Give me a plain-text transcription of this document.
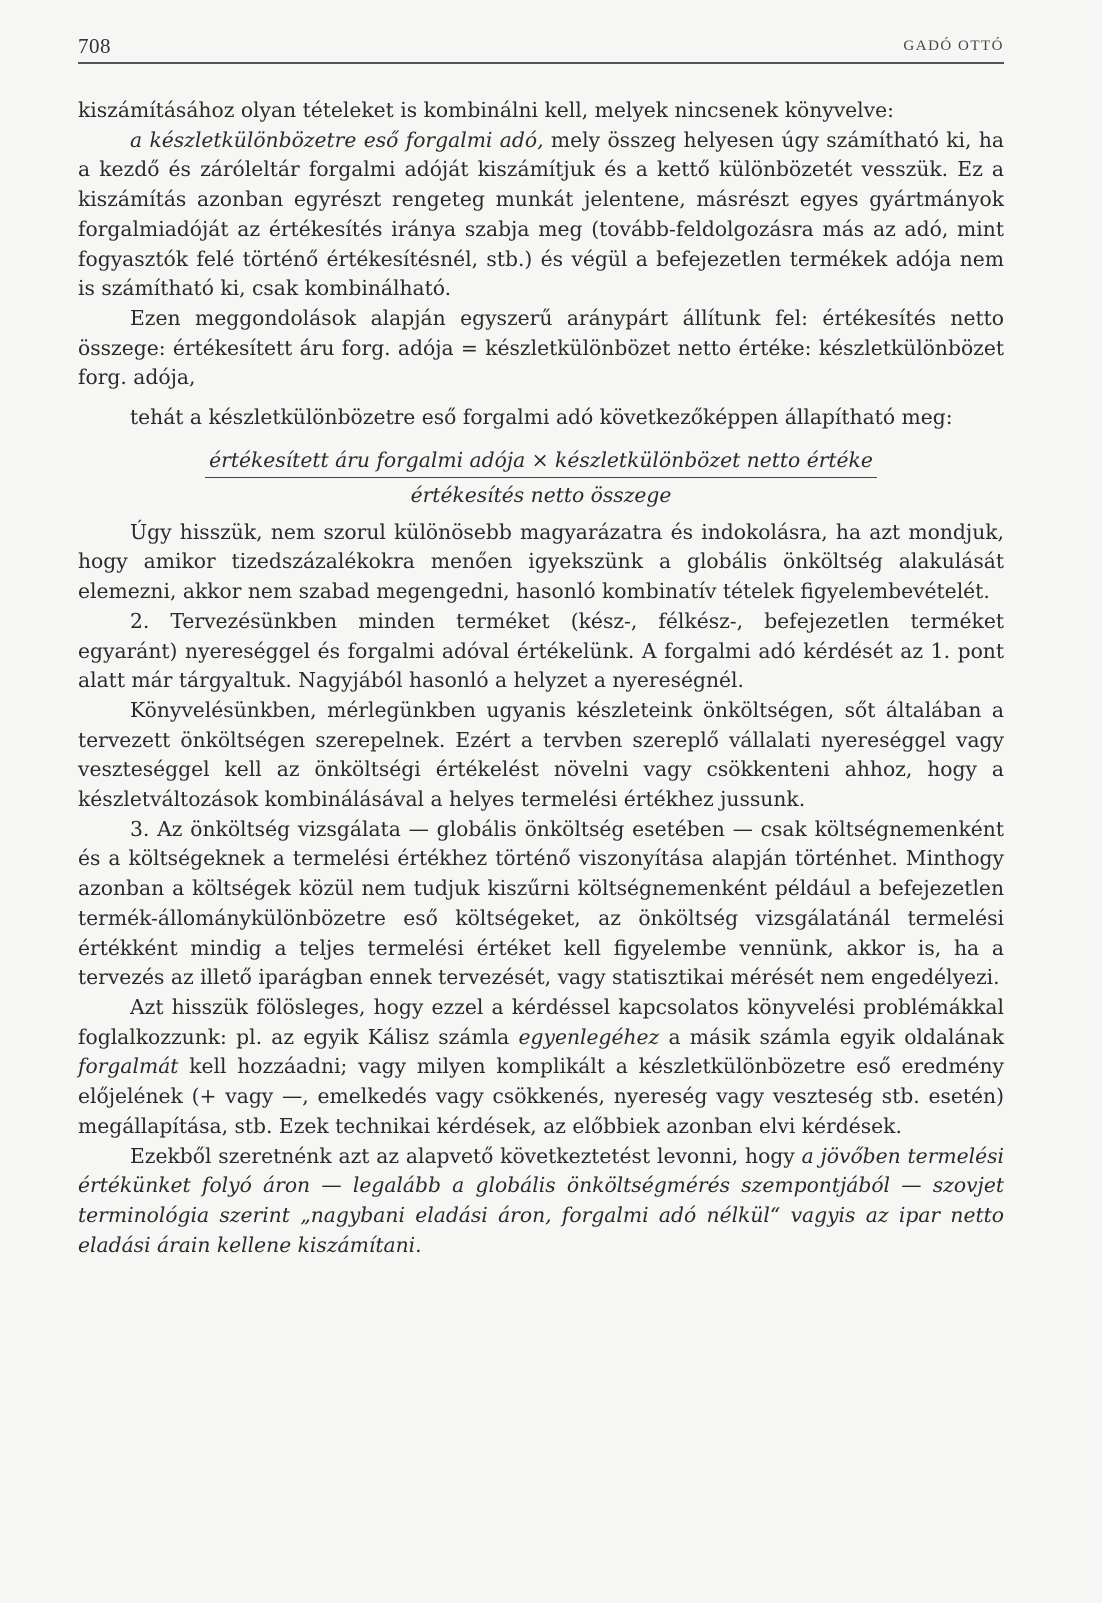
708	GADÓ OTTÓ

kiszámításához olyan tételeket is kombinálni kell, melyek nincsenek könyvelve:

a készletkülönbözetre eső forgalmi adó, mely összeg helyesen úgy számítható ki, ha a kezdő és záróleltár forgalmi adóját kiszámítjuk és a kettő különbözetét vesszük. Ez a kiszámítás azonban egyrészt rengeteg munkát jelentene, másrészt egyes gyártmányok forgalmiadóját az értékesítés iránya szabja meg (tovább-feldolgozásra más az adó, mint fogyasztók felé történő értékesítésnél, stb.) és végül a befejezetlen termékek adója nem is számítható ki, csak kombinálható.

Ezen meggondolások alapján egyszerű aránypárt állítunk fel: értékesítés netto összege: értékesített áru forg. adója = készletkülönbözet netto értéke: készletkülönbözet forg. adója,

tehát a készletkülönbözetre eső forgalmi adó következőképpen állapítható meg:

értékesített áru forgalmi adója × készletkülönbözet netto értéke
értékesítés netto összege

Úgy hisszük, nem szorul különösebb magyarázatra és indokolásra, ha azt mondjuk, hogy amikor tizedszázalékokra menően igyekszünk a globális önköltség alakulását elemezni, akkor nem szabad megengedni, hasonló kombinatív tételek figyelembevételét.

2. Tervezésünkben minden terméket (kész-, félkész-, befejezetlen terméket egyaránt) nyereséggel és forgalmi adóval értékelünk. A forgalmi adó kérdését az 1. pont alatt már tárgyaltuk. Nagyjából hasonló a helyzet a nyereségnél.

Könyvelésünkben, mérlegünkben ugyanis készleteink önköltségen, sőt általában a tervezett önköltségen szerepelnek. Ezért a tervben szereplő vállalati nyereséggel vagy veszteséggel kell az önköltségi értékelést növelni vagy csökkenteni ahhoz, hogy a készletváltozások kombinálásával a helyes termelési értékhez jussunk.

3. Az önköltség vizsgálata — globális önköltség esetében — csak költségnemenként és a költségeknek a termelési értékhez történő viszonyítása alapján történhet. Minthogy azonban a költségek közül nem tudjuk kiszűrni költségnemenként például a befejezetlen termék-állománykülönbözetre eső költségeket, az önköltség vizsgálatánál termelési értékként mindig a teljes termelési értéket kell figyelembe vennünk, akkor is, ha a tervezés az illető iparágban ennek tervezését, vagy statisztikai mérését nem engedélyezi.

Azt hisszük fölösleges, hogy ezzel a kérdéssel kapcsolatos könyvelési problémákkal foglalkozzunk: pl. az egyik Kálisz számla egyenlegéhez a másik számla egyik oldalának forgalmát kell hozzáadni; vagy milyen komplikált a készletkülönbözetre eső eredmény előjelének (+ vagy —, emelkedés vagy csökkenés, nyereség vagy veszteség stb. esetén) megállapítása, stb. Ezek technikai kérdések, az előbbiek azonban elvi kérdések.

Ezekből szeretnénk azt az alapvető következtetést levonni, hogy a jövőben termelési értékünket folyó áron — legalább a globális önköltségmérés szempontjából — szovjet terminológia szerint „nagybani eladási áron, forgalmi adó nélkül“ vagyis az ipar netto eladási árain kellene kiszámítani.
